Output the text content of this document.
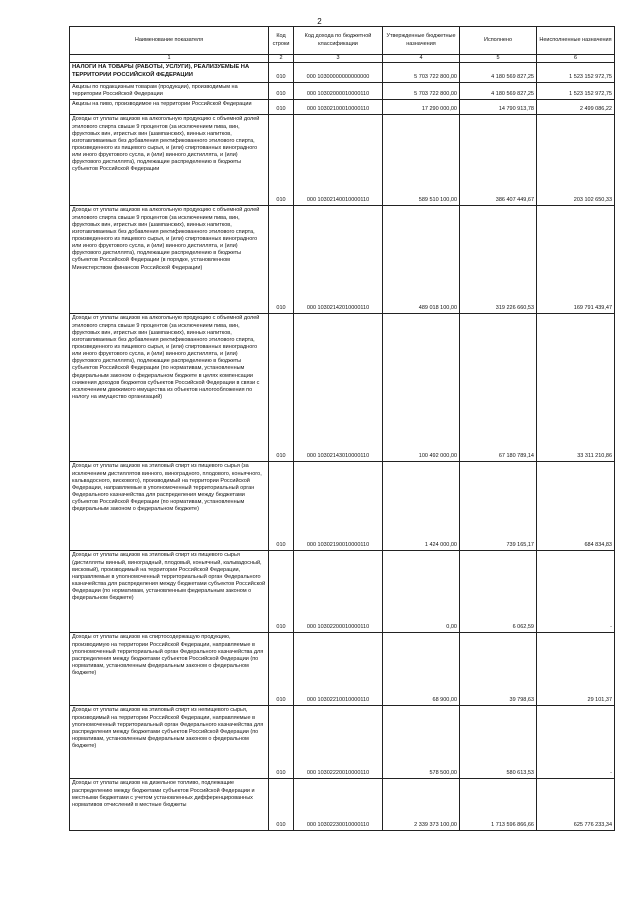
2
Наименование показателя	Код строки	Код дохода по бюджетной классификации	Утвержденные бюджетные назначения	Исполнено	Неисполненные назначения
1	2	3	4	5	6
НАЛОГИ НА ТОВАРЫ (РАБОТЫ, УСЛУГИ), РЕАЛИЗУЕМЫЕ НА ТЕРРИТОРИИ РОССИЙСКОЙ ФЕДЕРАЦИИ	010	000 10300000000000000	5 703 722 800,00	4 180 569 827,25	1 523 152 972,75
Акцизы по подакцизным товарам (продукции), производимым на территории Российской Федерации	010	000 10302000010000110	5 703 722 800,00	4 180 569 827,25	1 523 152 972,75
Акцизы на пиво, производимое на территории Российской Федерации	010	000 10302100010000110	17 290 000,00	14 790 913,78	2 499 086,22
Доходы от уплаты акцизов на алкогольную продукцию с объемной долей этилового спирта свыше 9 процентов (за исключением пива, вин, фруктовых вин, игристых вин (шампанских), винных напитков, изготавливаемых без добавления ректификованного этилового спирта, произведенного из пищевого сырья, и (или) спиртованных виноградного или иного фруктового сусла, и (или) винного дистиллята, и (или) фруктового дистиллята), подлежащие распределению в бюджеты субъектов Российской Федерации	010	000 10302140010000110	589 510 100,00	386 407 449,67	203 102 650,33
Доходы от уплаты акцизов на алкогольную продукцию с объемной долей этилового спирта свыше 9 процентов (за исключением пива, вин, фруктовых вин, игристых вин (шампанских), винных напитков, изготавливаемых без добавления ректификованного этилового спирта, произведенного из пищевого сырья, и (или) спиртованных виноградного или иного фруктового сусла, и (или) винного дистиллята, и (или) фруктового дистиллята), подлежащие распределению в бюджеты субъектов Российской Федерации (в порядке, установленном Министерством финансов Российской Федерации)	010	000 10302142010000110	489 018 100,00	319 226 660,53	169 791 439,47
Доходы от уплаты акцизов на алкогольную продукцию с объемной долей этилового спирта свыше 9 процентов (за исключением пива, вин, фруктовых вин, игристых вин (шампанских), винных напитков, изготавливаемых без добавления ректификованного этилового спирта, произведенного из пищевого сырья, и (или) спиртованных виноградного или иного фруктового сусла, и (или) винного дистиллята, и (или) фруктового дистиллята), подлежащие распределению в бюджеты субъектов Российской Федерации (по нормативам, установленным федеральным законом о федеральном бюджете в целях компенсации снижения доходов бюджетов субъектов Российской Федерации в связи с исключением движимого имущества из объектов налогообложения по налогу на имущество организаций)	010	000 10302143010000110	100 492 000,00	67 180 789,14	33 311 210,86
Доходы от уплаты акцизов на этиловый спирт из пищевого сырья (за исключением дистиллятов винного, виноградного, плодового, коньячного, кальвадосного, вискового), производимый на территории Российской Федерации, направляемые в уполномоченный территориальный орган Федерального казначейства для распределения между бюджетами субъектов Российской Федерации (по нормативам, установленным федеральным законом о федеральном бюджете)	010	000 10302190010000110	1 424 000,00	739 165,17	684 834,83
Доходы от уплаты акцизов на этиловый спирт из пищевого сырья (дистилляты винный, виноградный, плодовый, коньячный, кальвадосный, висковый), производимый на территории Российской Федерации, направляемые в уполномоченный территориальный орган Федерального казначейства для распределения между бюджетами субъектов Российской Федерации (по нормативам, установленным федеральным законом о федеральном бюджете)	010	000 10302200010000110	0,00	6 062,59	-
Доходы от уплаты акцизов на спиртосодержащую продукцию, производимую на территории Российской Федерации, направляемые в уполномоченный территориальный орган Федерального казначейства для распределения между бюджетами субъектов Российской Федерации (по нормативам, установленным федеральным законом о федеральном бюджете)	010	000 10302210010000110	68 900,00	39 798,63	29 101,37
Доходы от уплаты акцизов на этиловый спирт из непищевого сырья, производимый на территории Российской Федерации, направляемые в уполномоченный территориальный орган Федерального казначейства для распределения между бюджетами субъектов Российской Федерации (по нормативам, установленным федеральным законом о федеральном бюджете)	010	000 10302220010000110	578 500,00	580 613,53	-
Доходы от уплаты акцизов на дизельное топливо, подлежащие распределению между бюджетами субъектов Российской Федерации и местными бюджетами с учетом установленных дифференцированных нормативов отчислений в местные бюджеты	010	000 10302230010000110	2 339 373 100,00	1 713 596 866,66	625 776 233,34
